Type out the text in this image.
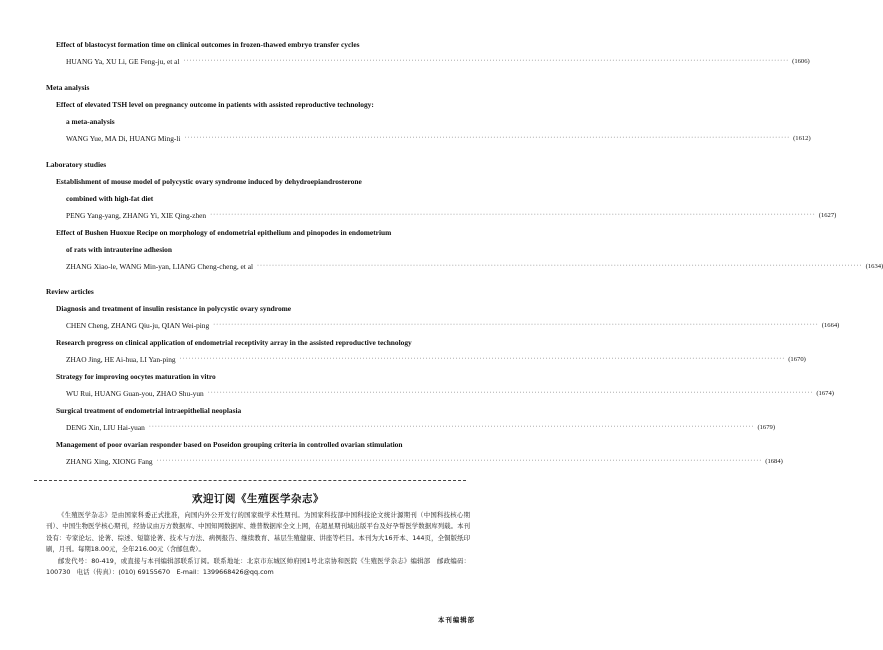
Effect of blastocyst formation time on clinical outcomes in frozen-thawed embryo transfer cycles
HUANG Ya, XU Li, GE Feng-ju, et al ·········································································································································································································· (1606)
Meta analysis
Effect of elevated TSH level on pregnancy outcome in patients with assisted reproductive technology:
a meta-analysis
WANG Yue, MA Di, HUANG Ming-li ·········································································································································································································· (1612)
Laboratory studies
Establishment of mouse model of polycystic ovary syndrome induced by dehydroepiandrosterone
combined with high-fat diet
PENG Yang-yang, ZHANG Yi, XIE Qing-zhen ·········································································································································································································· (1627)
Effect of Bushen Huoxue Recipe on morphology of endometrial epithelium and pinopodes in endometrium
of rats with intrauterine adhesion
ZHANG Xiao-le, WANG Min-yan, LIANG Cheng-cheng, et al ·········································································································································································································· (1634)
Review articles
Diagnosis and treatment of insulin resistance in polycystic ovary syndrome
CHEN Cheng, ZHANG Qiu-ju, QIAN Wei-ping ·········································································································································································································· (1664)
Research progress on clinical application of endometrial receptivity array in the assisted reproductive technology
ZHAO Jing, HE Ai-hua, LI Yan-ping ·········································································································································································································· (1670)
Strategy for improving oocytes maturation in vitro
WU Rui, HUANG Guan-you, ZHAO Shu-yun ·········································································································································································································· (1674)
Surgical treatment of endometrial intraepithelial neoplasia
DENG Xin, LIU Hai-yuan ·········································································································································································································· (1679)
Management of poor ovarian responder based on Poseidon grouping criteria in controlled ovarian stimulation
ZHANG Xing, XIONG Fang ·········································································································································································································· (1684)
欢迎订阅《生殖医学杂志》
《生殖医学杂志》是由国家科委正式批准，向国内外公开发行的国家级学术性期刊。为国家科技部中国科技论文统计源期刊（中国科技核心期刊）、中国生物医学核心期刊，经协议由万方数据库、中国知网数据库、维普数据库全文上网，在超星期刊域出版平台及好孕帮医学数据库列载。本刊设有：专家论坛、论著、综述、短篇论著、技术与方法、病例报告、继续教育、基层生殖健康、讲座等栏目。本刊为大16开本、144页，全铜版纸印刷，月刊。每期18.00元，全年216.00元（含邮包费）。
邮发代号：80-419，或直接与本刊编辑部联系订阅。联系地址：北京市东城区帅府园1号北京协和医院《生殖医学杂志》编辑部　邮政编码：100730　电话（传真）：(010) 69155670　E-mail：1399668426@qq.com
本刊编辑部
